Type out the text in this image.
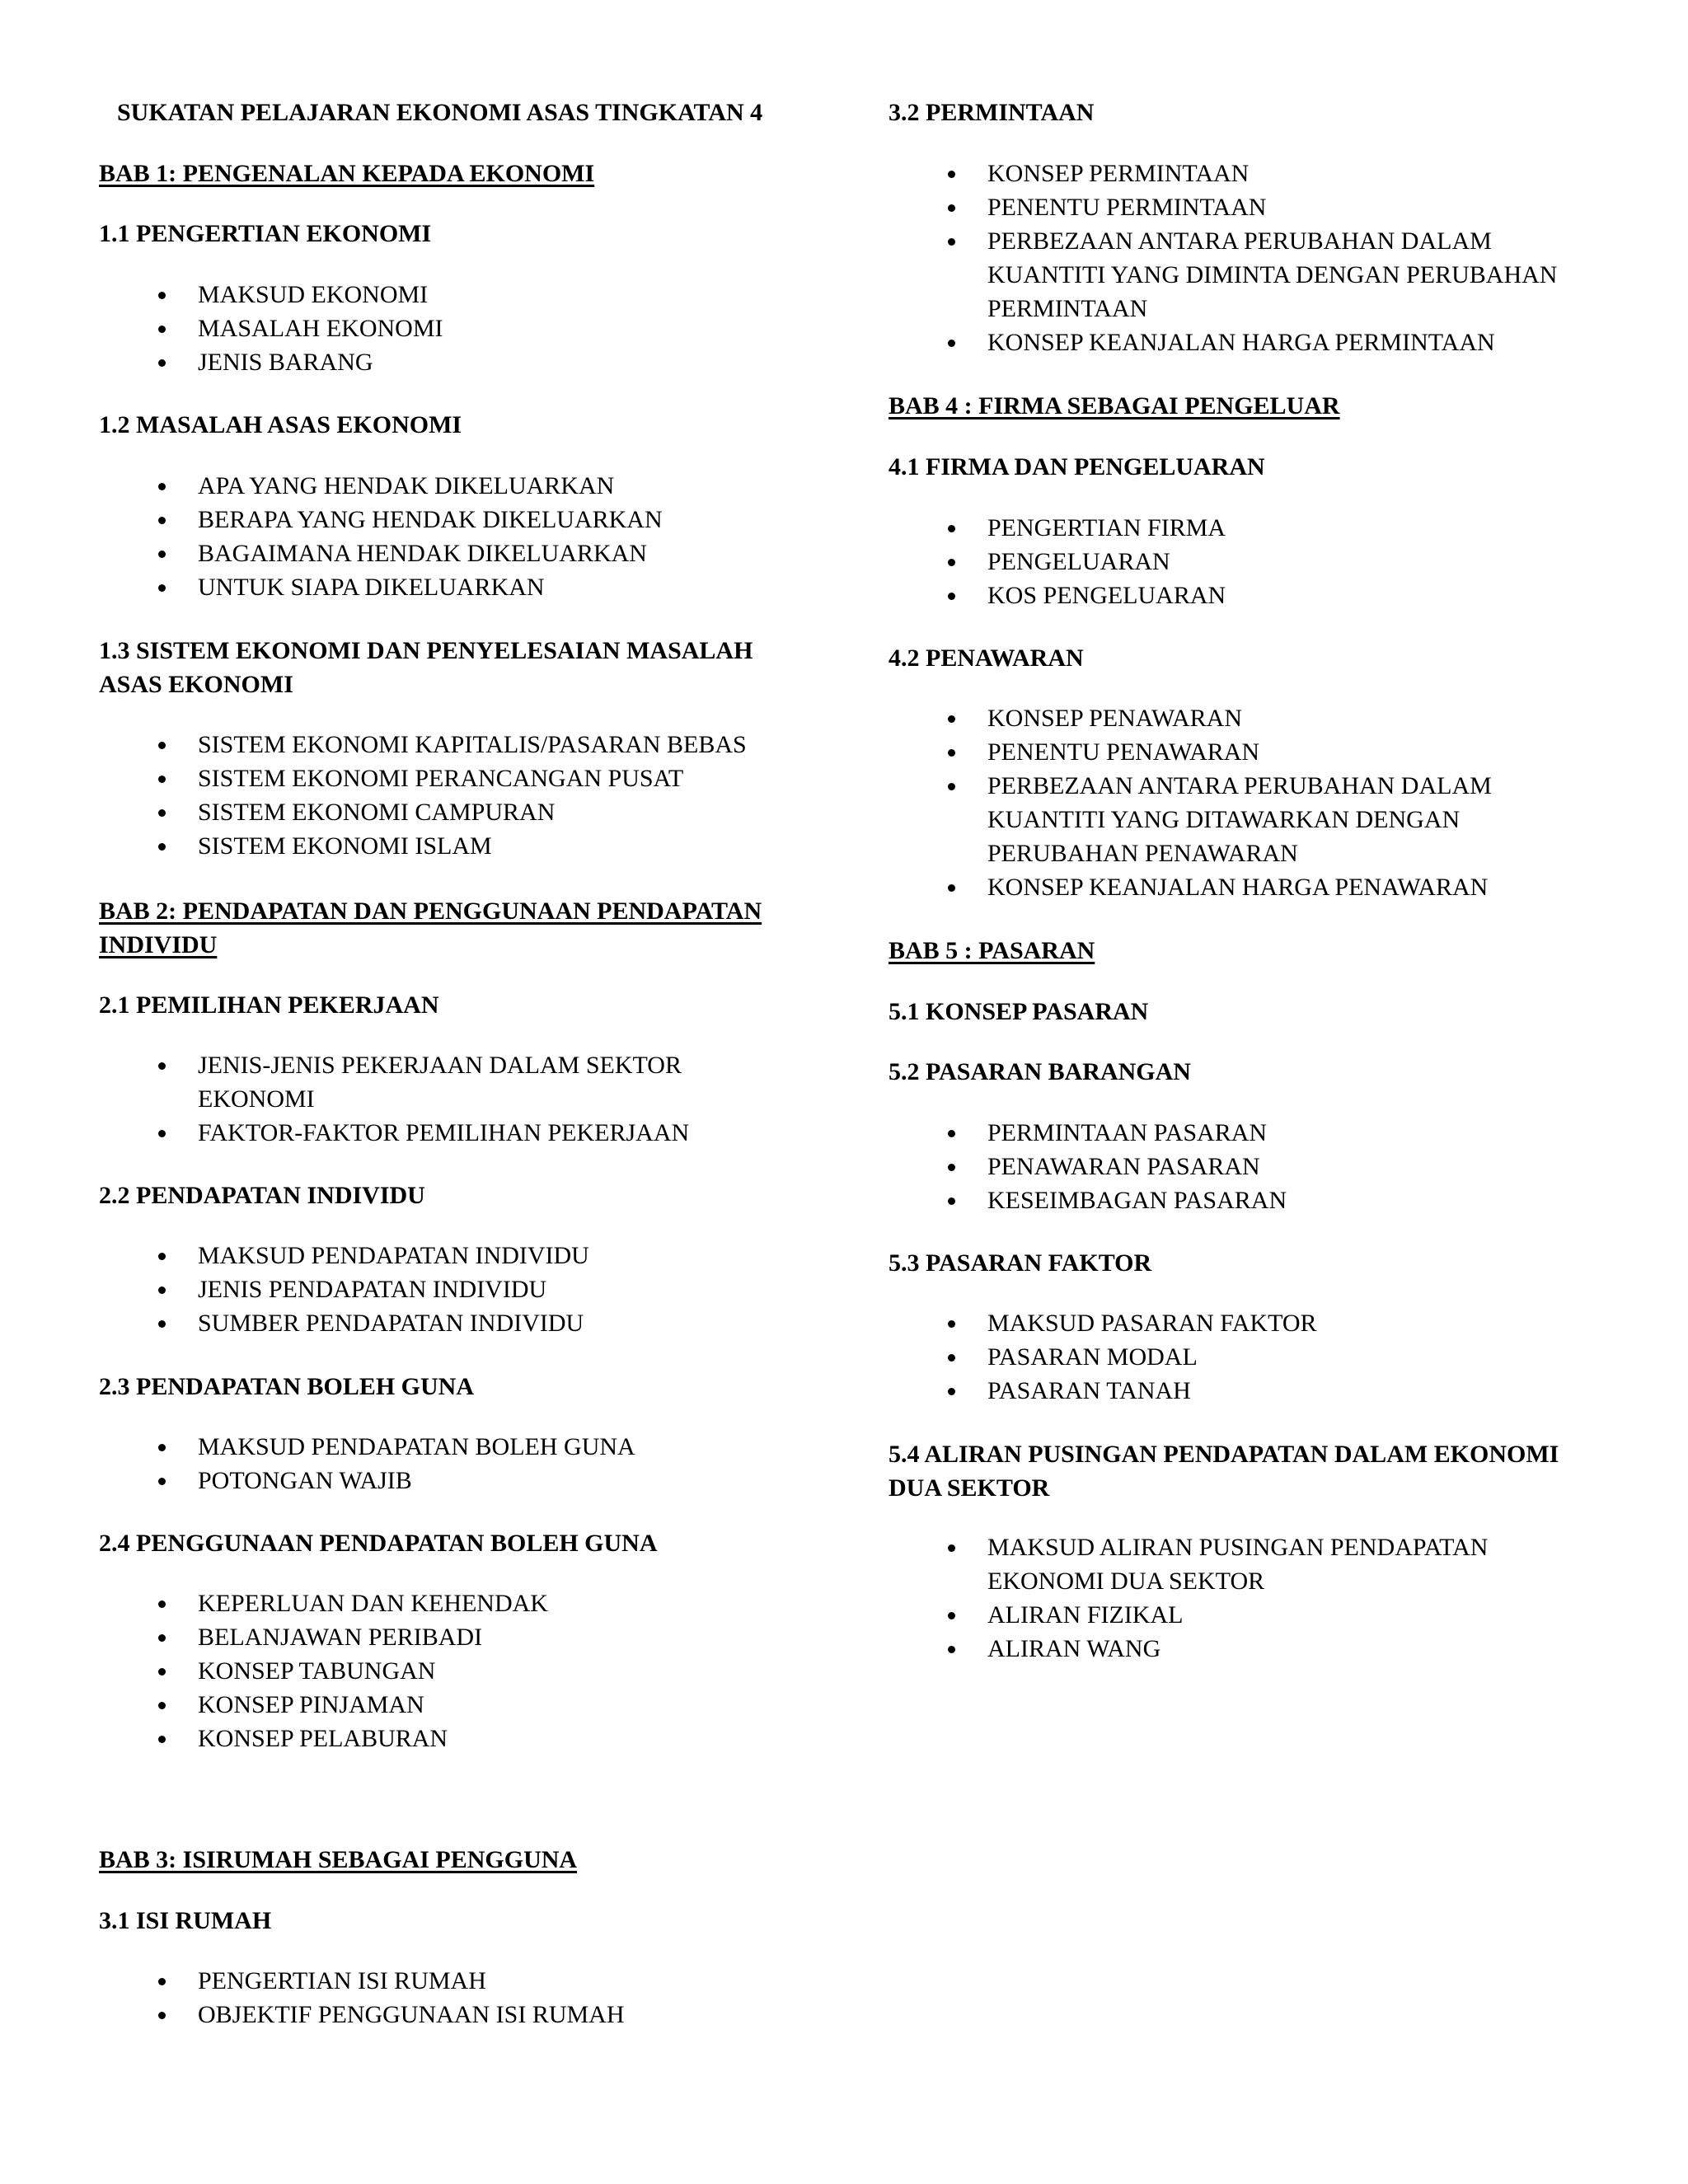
SUKATAN PELAJARAN EKONOMI ASAS TINGKATAN 4
BAB 1: PENGENALAN KEPADA EKONOMI
1.1 PENGERTIAN EKONOMI
MAKSUD EKONOMI
MASALAH EKONOMI
JENIS BARANG
1.2 MASALAH ASAS EKONOMI
APA YANG HENDAK DIKELUARKAN
BERAPA YANG HENDAK DIKELUARKAN
BAGAIMANA HENDAK DIKELUARKAN
UNTUK SIAPA DIKELUARKAN
1.3 SISTEM EKONOMI DAN PENYELESAIAN MASALAH ASAS EKONOMI
SISTEM EKONOMI KAPITALIS/PASARAN BEBAS
SISTEM EKONOMI PERANCANGAN PUSAT
SISTEM EKONOMI CAMPURAN
SISTEM EKONOMI ISLAM
BAB 2: PENDAPATAN DAN PENGGUNAAN PENDAPATAN INDIVIDU
2.1 PEMILIHAN PEKERJAAN
JENIS-JENIS PEKERJAAN DALAM SEKTOR EKONOMI
FAKTOR-FAKTOR PEMILIHAN PEKERJAAN
2.2 PENDAPATAN INDIVIDU
MAKSUD PENDAPATAN INDIVIDU
JENIS PENDAPATAN INDIVIDU
SUMBER PENDAPATAN INDIVIDU
2.3 PENDAPATAN BOLEH GUNA
MAKSUD PENDAPATAN BOLEH GUNA
POTONGAN WAJIB
2.4 PENGGUNAAN PENDAPATAN BOLEH GUNA
KEPERLUAN DAN KEHENDAK
BELANJAWAN PERIBADI
KONSEP TABUNGAN
KONSEP PINJAMAN
KONSEP PELABURAN
BAB 3: ISIRUMAH SEBAGAI PENGGUNA
3.1 ISI RUMAH
PENGERTIAN ISI RUMAH
OBJEKTIF PENGGUNAAN ISI RUMAH
3.2 PERMINTAAN
KONSEP PERMINTAAN
PENENTU PERMINTAAN
PERBEZAAN ANTARA PERUBAHAN DALAM KUANTITI YANG DIMINTA DENGAN PERUBAHAN PERMINTAAN
KONSEP KEANJALAN HARGA PERMINTAAN
BAB 4 : FIRMA SEBAGAI PENGELUAR
4.1 FIRMA DAN PENGELUARAN
PENGERTIAN FIRMA
PENGELUARAN
KOS PENGELUARAN
4.2 PENAWARAN
KONSEP PENAWARAN
PENENTU PENAWARAN
PERBEZAAN ANTARA PERUBAHAN DALAM KUANTITI YANG DITAWARKAN DENGAN PERUBAHAN PENAWARAN
KONSEP KEANJALAN HARGA PENAWARAN
BAB 5 : PASARAN
5.1 KONSEP PASARAN
5.2 PASARAN BARANGAN
PERMINTAAN PASARAN
PENAWARAN PASARAN
KESEIMBAGAN PASARAN
5.3 PASARAN FAKTOR
MAKSUD PASARAN FAKTOR
PASARAN MODAL
PASARAN TANAH
5.4 ALIRAN PUSINGAN PENDAPATAN DALAM EKONOMI DUA SEKTOR
MAKSUD ALIRAN PUSINGAN PENDAPATAN EKONOMI DUA SEKTOR
ALIRAN FIZIKAL
ALIRAN WANG
